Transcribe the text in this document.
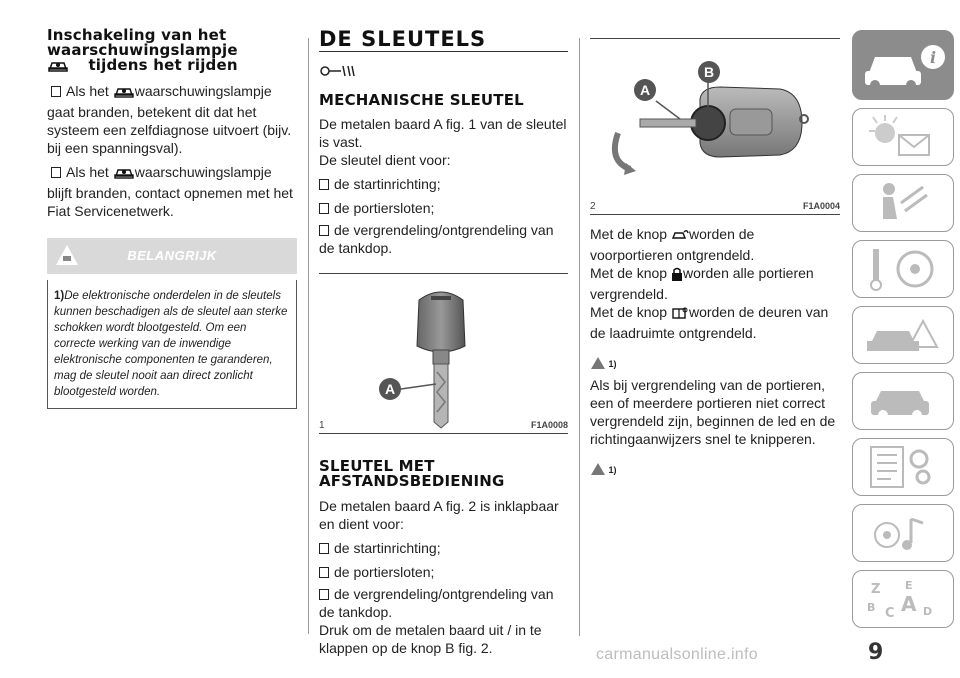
Inschakeling van het
waarschuwingslampje
tijdens het rijden

Als het waarschuwingslampje gaat branden, betekent dit dat het systeem een zelfdiagnose uitvoert (bijv. bij een spanningsval).

Als het waarschuwingslampje blijft branden, contact opnemen met het Fiat Servicenetwerk.

BELANGRIJK

1)De elektronische onderdelen in de sleutels kunnen beschadigen als de sleutel aan sterke schokken wordt blootgesteld. Om een correcte werking van de inwendige elektronische componenten te garanderen, mag de sleutel nooit aan direct zonlicht blootgesteld worden.

DE SLEUTELS
MECHANISCHE SLEUTEL

De metalen baard A fig. 1 van de sleutel is vast.

De sleutel dient voor:

de startinrichting;
de portiersloten;
de vergrendeling/ontgrendeling van de tankdop.
A
1	F1A0008
SLEUTEL MET
AFSTANDSBEDIENING

De metalen baard A fig. 2 is inklapbaar en dient voor:

de startinrichting;
de portiersloten;
de vergrendeling/ontgrendeling van de tankdop.

Druk om de metalen baard uit / in te klappen op de knop B fig. 2.

A
B
2	F1A0004

Met de knop worden de voorportieren ontgrendeld.

Met de knop worden alle portieren vergrendeld.

Met de knop worden de deuren van de laadruimte ontgrendeld.

1)

Als bij vergrendeling van de portieren, een of meerdere portieren niet correct vergrendeld zijn, beginnen de led en de richtingaanwijzers snel te knipperen.

1)
i
Z E
B C A D
9
carmanualsonline.info
